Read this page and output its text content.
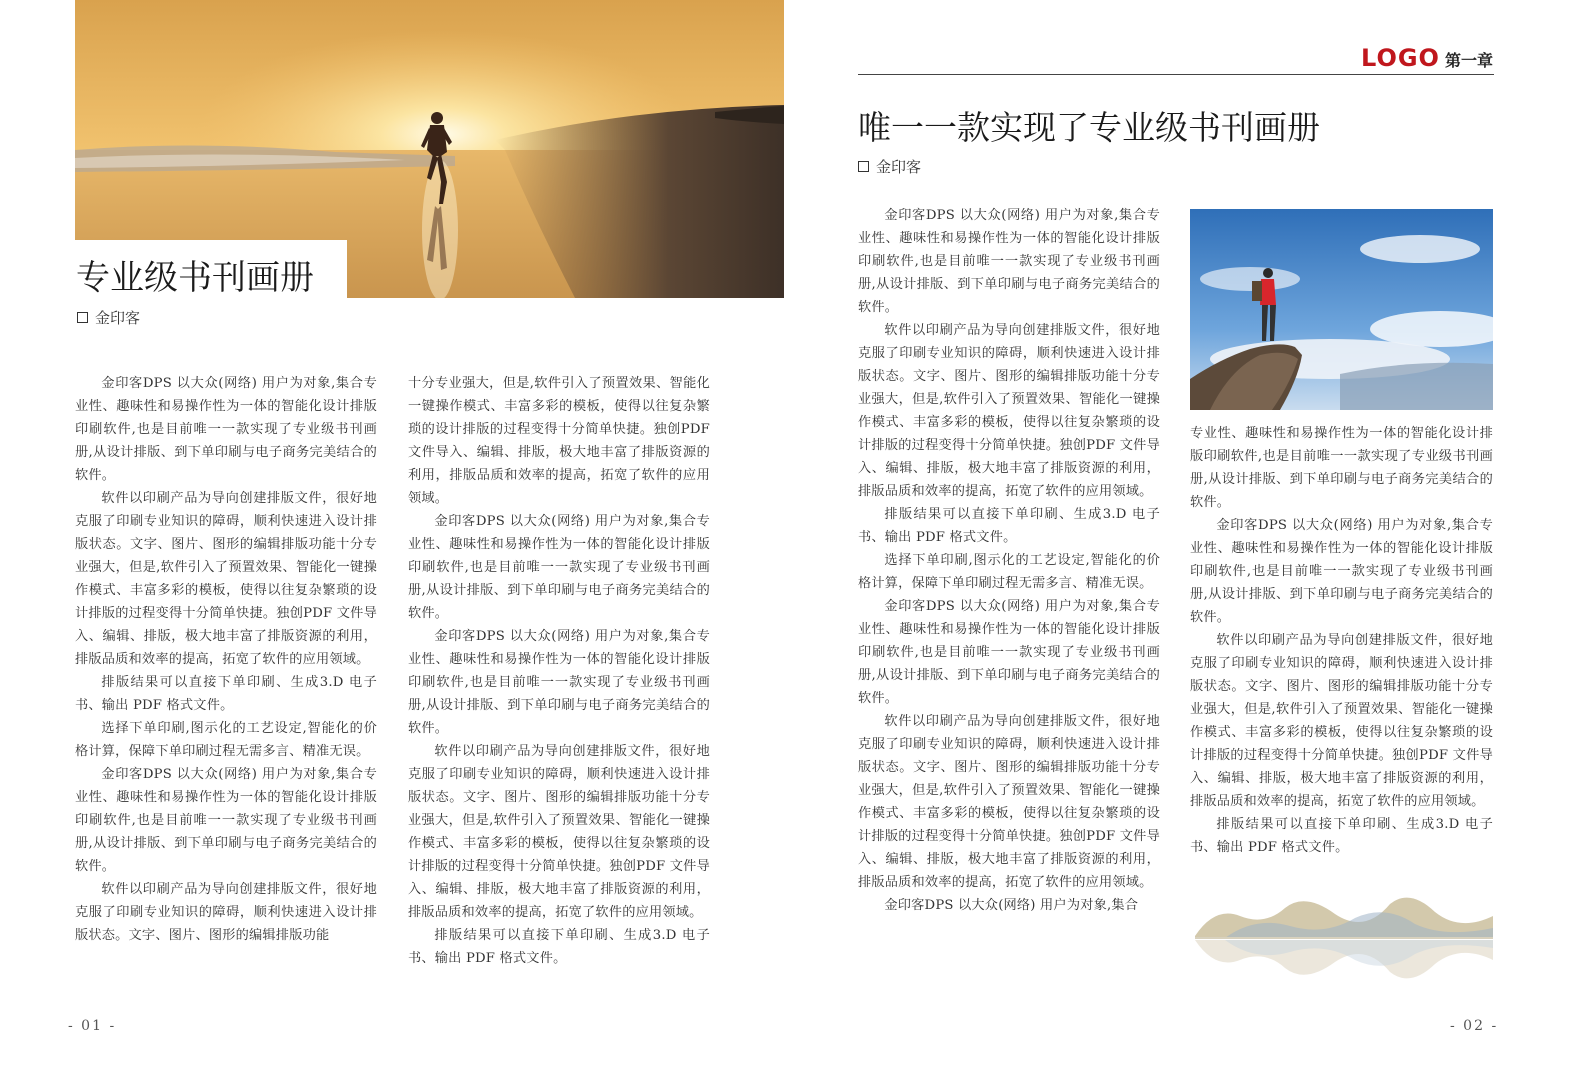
专业级书刊画册
金印客

金印客DPS 以大众(网络) 用户为对象,集合专业性、趣味性和易操作性为一体的智能化设计排版印刷软件,也是目前唯一一款实现了专业级书刊画册,从设计排版、到下单印刷与电子商务完美结合的软件。

软件以印刷产品为导向创建排版文件，很好地克服了印刷专业知识的障碍，顺利快速进入设计排版状态。文字、图片、图形的编辑排版功能十分专业强大，但是,软件引入了预置效果、智能化一键操作模式、丰富多彩的模板，使得以往复杂繁琐的设计排版的过程变得十分简单快捷。独创PDF 文件导入、编辑、排版，极大地丰富了排版资源的利用，排版品质和效率的提高，拓宽了软件的应用领域。

排版结果可以直接下单印刷、生成3.D 电子书、输出 PDF 格式文件。

选择下单印刷,图示化的工艺设定,智能化的价格计算，保障下单印刷过程无需多言、精准无误。

金印客DPS 以大众(网络) 用户为对象,集合专业性、趣味性和易操作性为一体的智能化设计排版印刷软件,也是目前唯一一款实现了专业级书刊画册,从设计排版、到下单印刷与电子商务完美结合的软件。

软件以印刷产品为导向创建排版文件，很好地克服了印刷专业知识的障碍，顺利快速进入设计排版状态。文字、图片、图形的编辑排版功能

十分专业强大，但是,软件引入了预置效果、智能化一键操作模式、丰富多彩的模板，使得以往复杂繁琐的设计排版的过程变得十分简单快捷。独创PDF 文件导入、编辑、排版，极大地丰富了排版资源的利用，排版品质和效率的提高，拓宽了软件的应用领域。

金印客DPS 以大众(网络) 用户为对象,集合专业性、趣味性和易操作性为一体的智能化设计排版印刷软件,也是目前唯一一款实现了专业级书刊画册,从设计排版、到下单印刷与电子商务完美结合的软件。

金印客DPS 以大众(网络) 用户为对象,集合专业性、趣味性和易操作性为一体的智能化设计排版印刷软件,也是目前唯一一款实现了专业级书刊画册,从设计排版、到下单印刷与电子商务完美结合的软件。

软件以印刷产品为导向创建排版文件，很好地克服了印刷专业知识的障碍，顺利快速进入设计排版状态。文字、图片、图形的编辑排版功能十分专业强大，但是,软件引入了预置效果、智能化一键操作模式、丰富多彩的模板，使得以往复杂繁琐的设计排版的过程变得十分简单快捷。独创PDF 文件导入、编辑、排版，极大地丰富了排版资源的利用，排版品质和效率的提高，拓宽了软件的应用领域。

排版结果可以直接下单印刷、生成3.D 电子书、输出 PDF 格式文件。

- 01 -
LOGO 第一章
唯一一款实现了专业级书刊画册
金印客

金印客DPS 以大众(网络) 用户为对象,集合专业性、趣味性和易操作性为一体的智能化设计排版印刷软件,也是目前唯一一款实现了专业级书刊画册,从设计排版、到下单印刷与电子商务完美结合的软件。

软件以印刷产品为导向创建排版文件，很好地克服了印刷专业知识的障碍，顺利快速进入设计排版状态。文字、图片、图形的编辑排版功能十分专业强大，但是,软件引入了预置效果、智能化一键操作模式、丰富多彩的模板，使得以往复杂繁琐的设计排版的过程变得十分简单快捷。独创PDF 文件导入、编辑、排版，极大地丰富了排版资源的利用，排版品质和效率的提高，拓宽了软件的应用领域。

排版结果可以直接下单印刷、生成3.D 电子书、输出 PDF 格式文件。

选择下单印刷,图示化的工艺设定,智能化的价格计算，保障下单印刷过程无需多言、精准无误。

金印客DPS 以大众(网络) 用户为对象,集合专业性、趣味性和易操作性为一体的智能化设计排版印刷软件,也是目前唯一一款实现了专业级书刊画册,从设计排版、到下单印刷与电子商务完美结合的软件。

软件以印刷产品为导向创建排版文件，很好地克服了印刷专业知识的障碍，顺利快速进入设计排版状态。文字、图片、图形的编辑排版功能十分专业强大，但是,软件引入了预置效果、智能化一键操作模式、丰富多彩的模板，使得以往复杂繁琐的设计排版的过程变得十分简单快捷。独创PDF 文件导入、编辑、排版，极大地丰富了排版资源的利用，排版品质和效率的提高，拓宽了软件的应用领域。

金印客DPS 以大众(网络) 用户为对象,集合

专业性、趣味性和易操作性为一体的智能化设计排版印刷软件,也是目前唯一一款实现了专业级书刊画册,从设计排版、到下单印刷与电子商务完美结合的软件。

金印客DPS 以大众(网络) 用户为对象,集合专业性、趣味性和易操作性为一体的智能化设计排版印刷软件,也是目前唯一一款实现了专业级书刊画册,从设计排版、到下单印刷与电子商务完美结合的软件。

软件以印刷产品为导向创建排版文件，很好地克服了印刷专业知识的障碍，顺利快速进入设计排版状态。文字、图片、图形的编辑排版功能十分专业强大，但是,软件引入了预置效果、智能化一键操作模式、丰富多彩的模板，使得以往复杂繁琐的设计排版的过程变得十分简单快捷。独创PDF 文件导入、编辑、排版，极大地丰富了排版资源的利用，排版品质和效率的提高，拓宽了软件的应用领域。

排版结果可以直接下单印刷、生成3.D 电子书、输出 PDF 格式文件。

- 02 -
